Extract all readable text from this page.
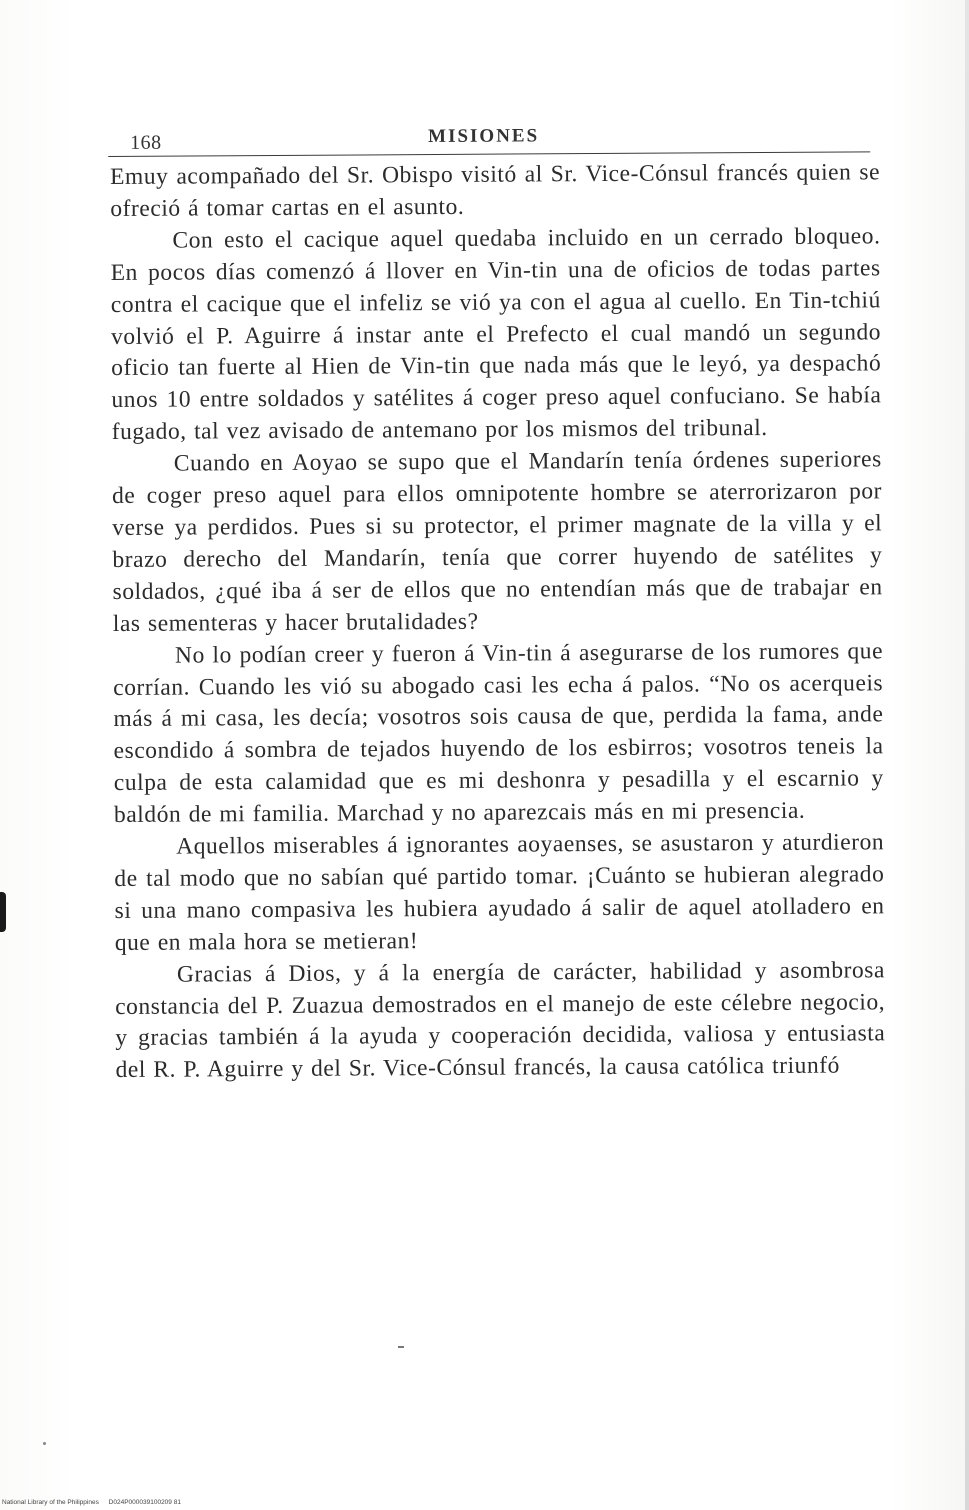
168	MISIONES

Emuy acompañado del Sr. Obispo visitó al Sr. Vice-Cónsul francés quien se ofreció á tomar cartas en el asunto.

Con esto el cacique aquel quedaba incluido en un cerrado bloqueo. En pocos días comenzó á llover en Vin-tin una de oficios de todas partes contra el cacique que el infeliz se vió ya con el agua al cuello. En Tin-tchiú volvió el P. Aguirre á instar ante el Prefecto el cual mandó un segundo oficio tan fuerte al Hien de Vin-tin que nada más que le leyó, ya despachó unos 10 entre soldados y satélites á coger preso aquel confuciano. Se había fugado, tal vez avisado de antemano por los mismos del tribunal.

Cuando en Aoyao se supo que el Mandarín tenía órdenes superiores de coger preso aquel para ellos omnipotente hombre se aterrorizaron por verse ya perdidos. Pues si su protector, el primer magnate de la villa y el brazo derecho del Mandarín, tenía que correr huyendo de satélites y soldados, ¿qué iba á ser de ellos que no entendían más que de trabajar en las sementeras y hacer brutalidades?

No lo podían creer y fueron á Vin-tin á asegurarse de los rumores que corrían. Cuando les vió su abogado casi les echa á palos. “No os acerqueis más á mi casa, les decía; vosotros sois causa de que, perdida la fama, ande escondido á sombra de tejados huyendo de los esbirros; vosotros teneis la culpa de esta calamidad que es mi deshonra y pesadilla y el escarnio y baldón de mi familia. Marchad y no aparezcais más en mi presencia.

Aquellos miserables á ignorantes aoyaenses, se asustaron y aturdieron de tal modo que no sabían qué partido tomar. ¡Cuánto se hubieran alegrado si una mano compasiva les hubiera ayudado á salir de aquel atolladero en que en mala hora se metieran!

Gracias á Dios, y á la energía de carácter, habilidad y asombrosa constancia del P. Zuazua demostrados en el manejo de este célebre negocio, y gracias también á la ayuda y cooperación decidida, valiosa y entusiasta del R. P. Aguirre y del Sr. Vice-Cónsul francés, la causa católica triunfó

National Library of the Philippines D024P000039100209 81
